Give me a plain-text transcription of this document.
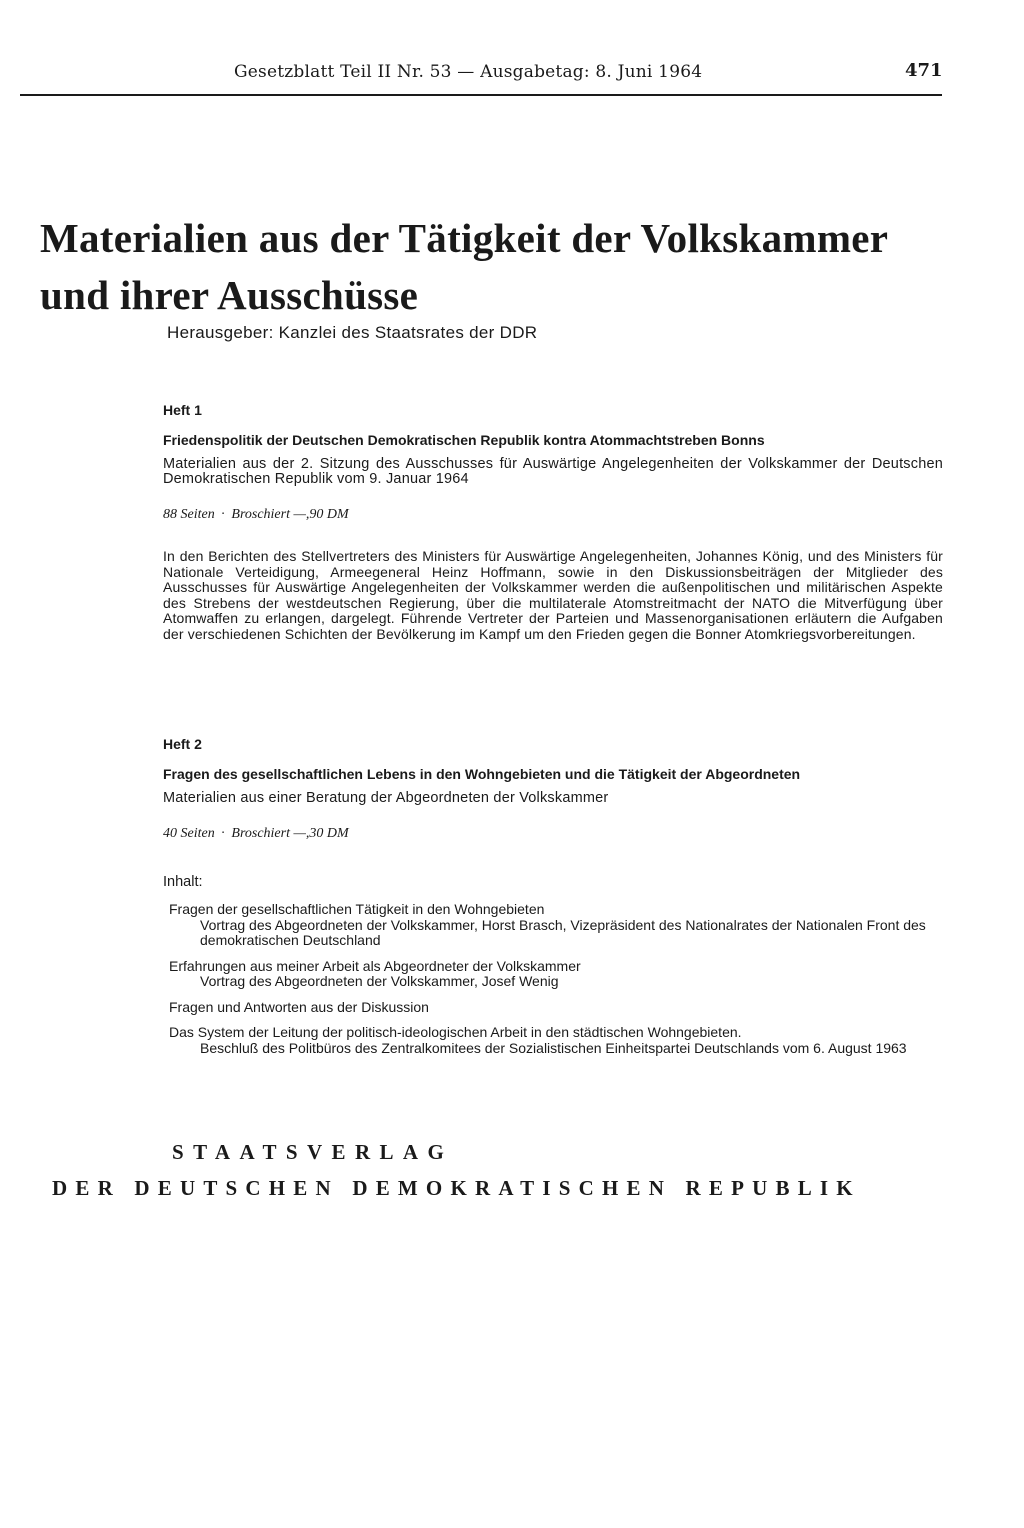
Gesetzblatt Teil II Nr. 53 — Ausgabetag: 8. Juni 1964	471
Materialien aus der Tätigkeit der Volkskammer
und ihrer Ausschüsse
Herausgeber: Kanzlei des Staatsrates der DDR
Heft 1
Friedenspolitik der Deutschen Demokratischen Republik kontra Atommachtstreben Bonns
Materialien aus der 2. Sitzung des Ausschusses für Auswärtige Angelegenheiten der Volkskammer der Deutschen Demokratischen Republik vom 9. Januar 1964
88 Seiten · Broschiert —,90 DM
In den Berichten des Stellvertreters des Ministers für Auswärtige Angelegenheiten, Johannes König, und des Ministers für Nationale Verteidigung, Armeegeneral Heinz Hoffmann, sowie in den Diskussionsbeiträgen der Mitglieder des Ausschusses für Auswärtige Angelegenheiten der Volkskammer werden die außenpolitischen und militärischen Aspekte des Strebens der westdeutschen Regierung, über die multilaterale Atomstreitmacht der NATO die Mitverfügung über Atomwaffen zu erlangen, dargelegt. Führende Vertreter der Parteien und Massenorganisationen erläutern die Aufgaben der verschiedenen Schichten der Bevölkerung im Kampf um den Frieden gegen die Bonner Atomkriegsvorbereitungen.
Heft 2
Fragen des gesellschaftlichen Lebens in den Wohngebieten und die Tätigkeit der Abgeordneten
Materialien aus einer Beratung der Abgeordneten der Volkskammer
40 Seiten · Broschiert —,30 DM
Inhalt:
Fragen der gesellschaftlichen Tätigkeit in den Wohngebieten
Vortrag des Abgeordneten der Volkskammer, Horst Brasch, Vizepräsident des Nationalrates der Nationalen Front des demokratischen Deutschland
Erfahrungen aus meiner Arbeit als Abgeordneter der Volkskammer
Vortrag des Abgeordneten der Volkskammer, Josef Wenig
Fragen und Antworten aus der Diskussion
Das System der Leitung der politisch-ideologischen Arbeit in den städtischen Wohngebieten.
Beschluß des Politbüros des Zentralkomitees der Sozialistischen Einheitspartei Deutschlands vom 6. August 1963
STAATSVERLAG
DER DEUTSCHEN DEMOKRATISCHEN REPUBLIK
